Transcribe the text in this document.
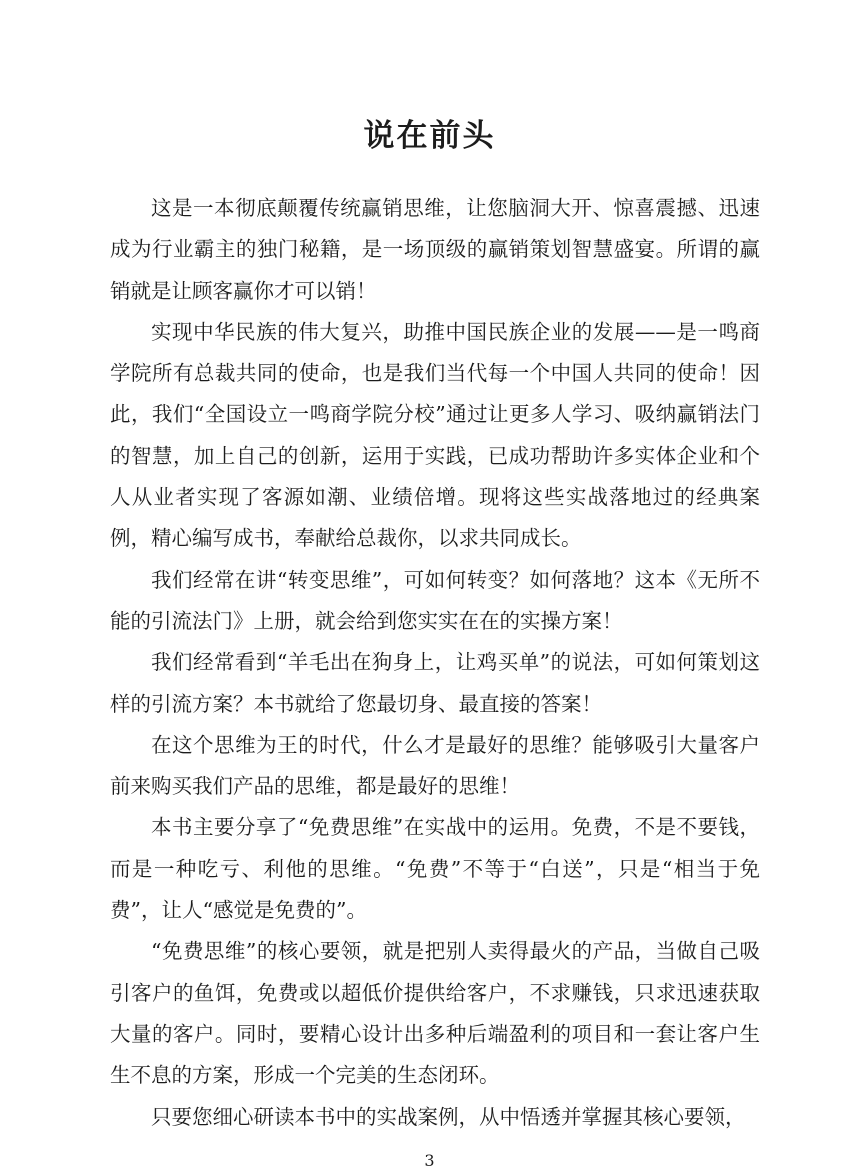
说在前头

这是一本彻底颠覆传统赢销思维，让您脑洞大开、惊喜震撼、迅速成为行业霸主的独门秘籍，是一场顶级的赢销策划智慧盛宴。所谓的赢销就是让顾客赢你才可以销！

实现中华民族的伟大复兴，助推中国民族企业的发展——是一鸣商学院所有总裁共同的使命，也是我们当代每一个中国人共同的使命！因此，我们“全国设立一鸣商学院分校”通过让更多人学习、吸纳赢销法门的智慧，加上自己的创新，运用于实践，已成功帮助许多实体企业和个人从业者实现了客源如潮、业绩倍增。现将这些实战落地过的经典案例，精心编写成书，奉献给总裁你，以求共同成长。

我们经常在讲“转变思维”，可如何转变？如何落地？这本《无所不能的引流法门》上册，就会给到您实实在在的实操方案！

我们经常看到“羊毛出在狗身上，让鸡买单”的说法，可如何策划这样的引流方案？本书就给了您最切身、最直接的答案！

在这个思维为王的时代，什么才是最好的思维？能够吸引大量客户前来购买我们产品的思维，都是最好的思维！

本书主要分享了“免费思维”在实战中的运用。免费，不是不要钱，而是一种吃亏、利他的思维。“免费”不等于“白送”，只是“相当于免费”，让人“感觉是免费的”。

“免费思维”的核心要领，就是把别人卖得最火的产品，当做自己吸引客户的鱼饵，免费或以超低价提供给客户，不求赚钱，只求迅速获取大量的客户。同时，要精心设计出多种后端盈利的项目和一套让客户生生不息的方案，形成一个完美的生态闭环。

只要您细心研读本书中的实战案例，从中悟透并掌握其核心要领，

3
